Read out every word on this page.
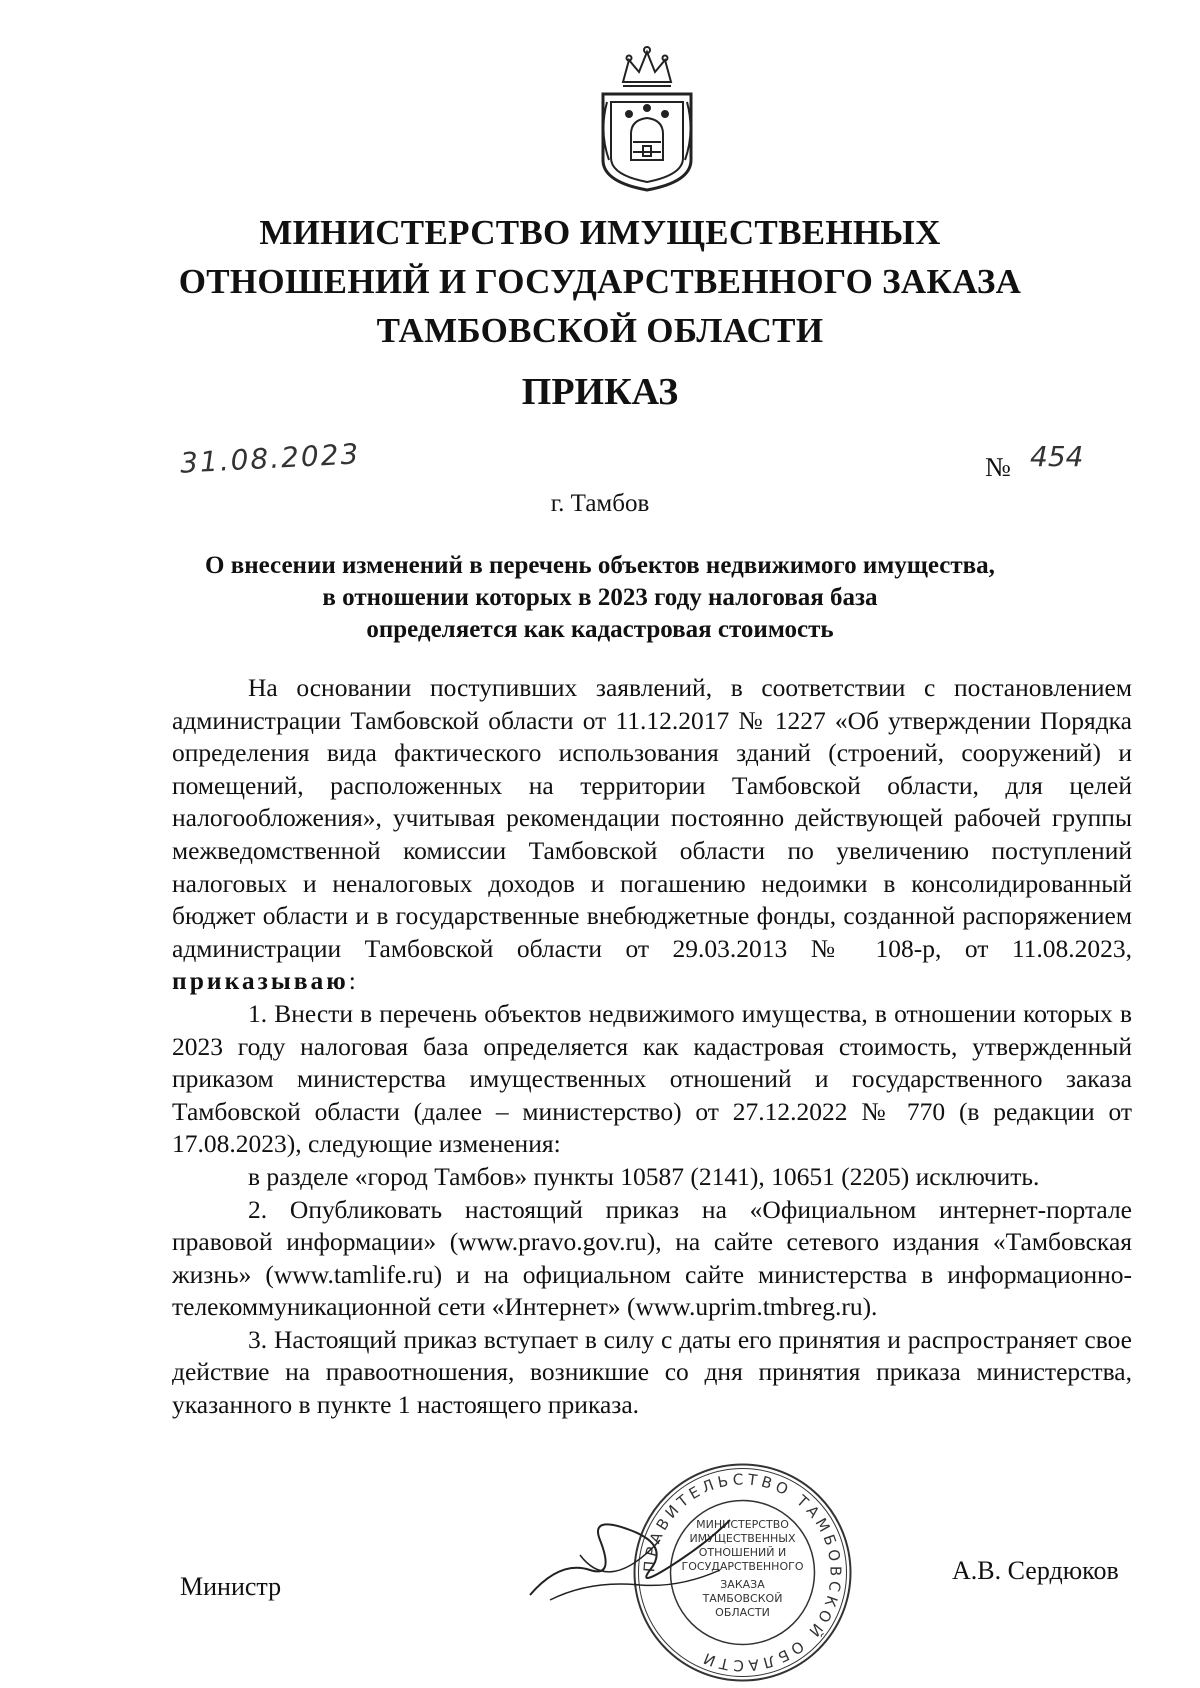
МИНИСТЕРСТВО ИМУЩЕСТВЕННЫХ
ОТНОШЕНИЙ И ГОСУДАРСТВЕННОГО ЗАКАЗА
ТАМБОВСКОЙ ОБЛАСТИ
ПРИКАЗ
31.08.2023	№ 454
г. Тамбов
О внесении изменений в перечень объектов недвижимого имущества,
в отношении которых в 2023 году налоговая база
определяется как кадастровая стоимость

На основании поступивших заявлений, в соответствии с постановлением администрации Тамбовской области от 11.12.2017 № 1227 «Об утверждении Порядка определения вида фактического использования зданий (строений, сооружений) и помещений, расположенных на территории Тамбовской области, для целей налогообложения», учитывая рекомендации постоянно действующей рабочей группы межведомственной комиссии Тамбовской области по увеличению поступлений налоговых и неналоговых доходов и погашению недоимки в консолидированный бюджет области и в государственные внебюджетные фонды, созданной распоряжением администрации Тамбовской области от 29.03.2013 № 108-р, от 11.08.2023, приказываю:

1. Внести в перечень объектов недвижимого имущества, в отношении которых в 2023 году налоговая база определяется как кадастровая стоимость, утвержденный приказом министерства имущественных отношений и государственного заказа Тамбовской области (далее – министерство) от 27.12.2022 № 770 (в редакции от 17.08.2023), следующие изменения:

в разделе «город Тамбов» пункты 10587 (2141), 10651 (2205) исключить.

2. Опубликовать настоящий приказ на «Официальном интернет-портале правовой информации» (www.pravo.gov.ru), на сайте сетевого издания «Тамбовская жизнь» (www.tamlife.ru) и на официальном сайте министерства в информационно-телекоммуникационной сети «Интернет» (www.uprim.tmbreg.ru).

3. Настоящий приказ вступает в силу с даты его принятия и распространяет свое действие на правоотношения, возникшие со дня принятия приказа министерства, указанного в пункте 1 настоящего приказа.

ПРАВИТЕЛЬСТВО ТАМБОВСКОЙ ОБЛАСТИ
МИНИСТЕРСТВО
ИМУЩЕСТВЕННЫХ
ОТНОШЕНИЙ И
ГОСУДАРСТВЕННОГО
ЗАКАЗА
ТАМБОВСКОЙ
ОБЛАСТИ
Министр
А.В. Сердюков
